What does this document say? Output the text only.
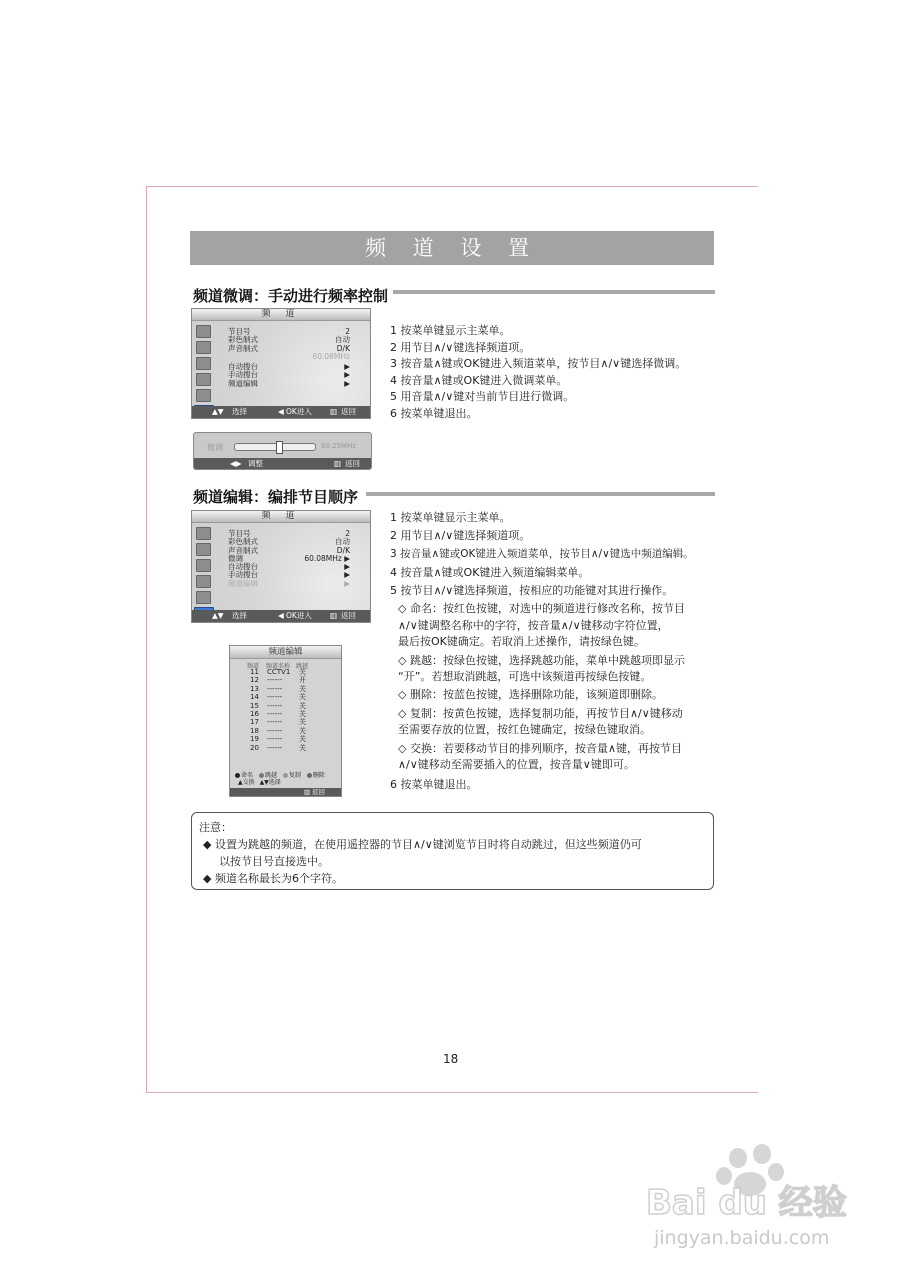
频 道 设 置
频道微调：手动进行频率控制
频 道
节目号	2
彩色制式	自动
声音制式	D/K
60.08MHz
自动搜台	▶
手动搜台	▶
频道编辑	▶
▲▼ 选择	◀ OK进入 ▥ 返回
微调	60.25MHz
◀▶ 调整	▥ 返回
1 按菜单键显示主菜单。
2 用节目∧/∨键选择频道项。
3 按音量∧键或OK键进入频道菜单，按节目∧/∨键选择微调。
4 按音量∧键或OK键进入微调菜单。
5 用音量∧/∨键对当前节目进行微调。
6 按菜单键退出。
频道编辑：编排节目顺序
频 道
节目号	2
彩色制式	自动
声音制式	D/K
微调	60.08MHz ▶
自动搜台	▶
手动搜台	▶
频道编辑	▶
▲▼ 选择	◀ OK进入 ▥ 返回
频道编辑
频道 频道名称 跳越
11 CCTV1 关
12 ------ 开
13 ------ 关
14 ------ 关
15 ------ 关
16 ------ 关
17 ------ 关
18 ------ 关
19 ------ 关
20 ------ 关
命名 跳越 复制 删除
▲交换 ▲▼选择
▥ 返回
1 按菜单键显示主菜单。
2 用节目∧/∨键选择频道项。
3 按音量∧键或OK键进入频道菜单，按节目∧/∨键选中频道编辑。
4 按音量∧键或OK键进入频道编辑菜单。
5 按节目∧/∨键选择频道，按相应的功能键对其进行操作。
◇ 命名：按红色按键，对选中的频道进行修改名称，按节目
∧/∨键调整名称中的字符，按音量∧/∨键移动字符位置，
最后按OK键确定。若取消上述操作，请按绿色键。
◇ 跳越：按绿色按键，选择跳越功能，菜单中跳越项即显示
“开”。若想取消跳越，可选中该频道再按绿色按键。
◇ 删除：按蓝色按键，选择删除功能，该频道即删除。
◇ 复制：按黄色按键，选择复制功能，再按节目∧/∨键移动
至需要存放的位置，按红色键确定，按绿色键取消。
◇ 交换：若要移动节目的排列顺序，按音量∧键，再按节目
∧/∨键移动至需要插入的位置，按音量∨键即可。
6 按菜单键退出。
注意：
◆ 设置为跳越的频道，在使用遥控器的节目∧/∨键浏览节目时将自动跳过，但这些频道仍可
以按节目号直接选中。
◆ 频道名称最长为6个字符。
18
Bai du 经验
jingyan.baidu.com
